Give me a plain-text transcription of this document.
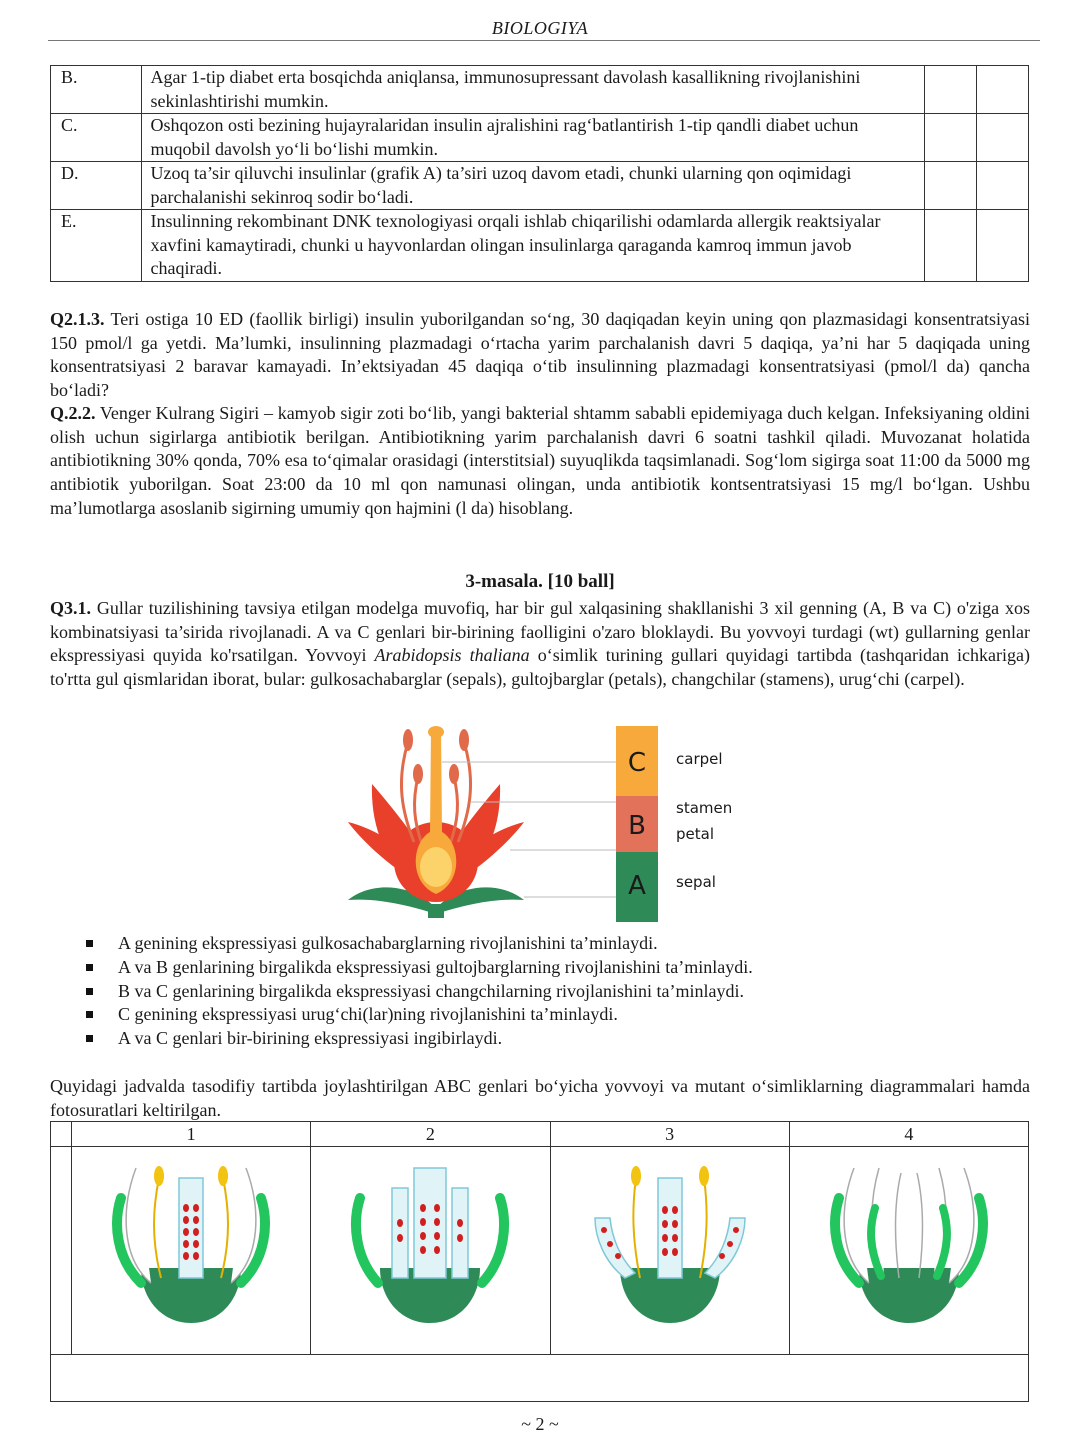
BIOLOGIYA
B.	Agar 1-tip diabet erta bosqichda aniqlansa, immunosupressant davolash kasallikning rivojlanishini sekinlashtirishi mumkin.		
C.	Oshqozon osti bezining hujayralaridan insulin ajralishini rag‘batlantirish 1-tip qandli diabet uchun muqobil davolsh yo‘li bo‘lishi mumkin.		
D.	Uzoq ta’sir qiluvchi insulinlar (grafik A) ta’siri uzoq davom etadi, chunki ularning qon oqimidagi parchalanishi sekinroq sodir bo‘ladi.		
E.	Insulinning rekombinant DNK texnologiyasi orqali ishlab chiqarilishi odamlarda allergik reaktsiyalar xavfini kamaytiradi, chunki u hayvonlardan olingan insulinlarga qaraganda kamroq immun javob chaqiradi.		

Q2.1.3. Teri ostiga 10 ED (faollik birligi) insulin yuborilgandan so‘ng, 30 daqiqadan keyin uning qon plazmasidagi konsentratsiyasi 150 pmol/l ga yetdi. Ma’lumki, insulinning plazmadagi o‘rtacha yarim parchalanish davri 5 daqiqa, ya’ni har 5 daqiqada uning konsentratsiyasi 2 baravar kamayadi. In’ektsiyadan 45 daqiqa o‘tib insulinning plazmadagi konsentratsiyasi (pmol/l da) qancha bo‘ladi?

Q.2.2. Venger Kulrang Sigiri – kamyob sigir zoti bo‘lib, yangi bakterial shtamm sababli epidemiyaga duch kelgan. Infeksiyaning oldini olish uchun sigirlarga antibiotik berilgan. Antibiotikning yarim parchalanish davri 6 soatni tashkil qiladi. Muvozanat holatida antibiotikning 30% qonda, 70% esa to‘qimalar orasidagi (interstitsial) suyuqlikda taqsimlanadi. Sog‘lom sigirga soat 11:00 da 5000 mg antibiotik yuborilgan. Soat 23:00 da 10 ml qon namunasi olingan, unda antibiotik kontsentratsiyasi 15 mg/l bo‘lgan. Ushbu ma’lumotlarga asoslanib sigirning umumiy qon hajmini (l da) hisoblang.

3-masala. [10 ball]

Q3.1. Gullar tuzilishining tavsiya etilgan modelga muvofiq, har bir gul xalqasining shakllanishi 3 xil genning (A, B va C) o'ziga xos kombinatsiyasi ta’sirida rivojlanadi. A va C genlari bir-birining faolligini o'zaro bloklaydi. Bu yovvoyi turdagi (wt) gullarning genlar ekspressiyasi quyida ko'rsatilgan. Yovvoyi Arabidopsis thaliana o‘simlik turining gullari quyidagi tartibda (tashqaridan ichkariga) to'rtta gul qismlaridan iborat, bular: gulkosachabarglar (sepals), gultojbarglar (petals), changchilar (stamens), urug‘chi (carpel).

C
B
A
carpel
stamen
petal
sepal
A genining ekspressiyasi gulkosachabarglarning rivojlanishini ta’minlaydi.
A va B genlarining birgalikda ekspressiyasi gultojbarglarning rivojlanishini ta’minlaydi.
B va C genlarining birgalikda ekspressiyasi changchilarning rivojlanishini ta’minlaydi.
C genining ekspressiyasi urug‘chi(lar)ning rivojlanishini ta’minlaydi.
A va C genlari bir-birining ekspressiyasi ingibirlaydi.

Quyidagi jadvalda tasodifiy tartibda joylashtirilgan ABC genlari bo‘yicha yovvoyi va mutant o‘simliklarning diagrammalari hamda fotosuratlari keltirilgan.

	1	2	3	4

~ 2 ~
